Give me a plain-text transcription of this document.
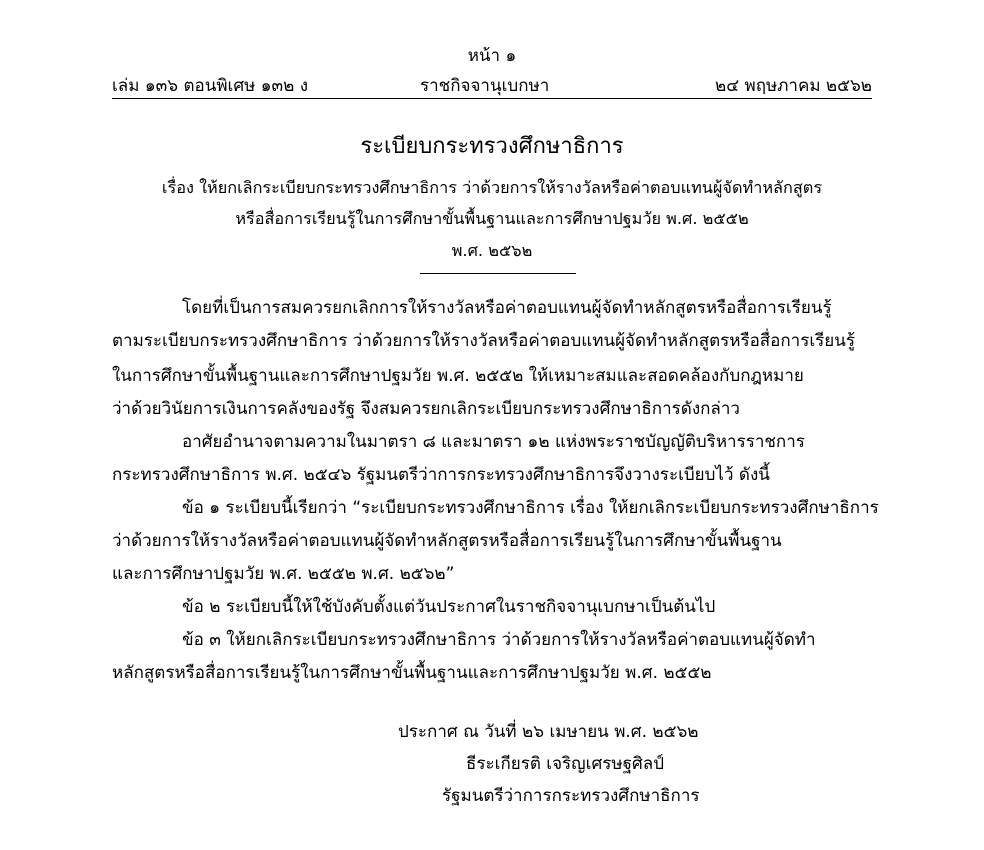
หน้า ๑
เล่ม ๑๓๖ ตอนพิเศษ ๑๓๒ ง	ราชกิจจานุเบกษา	๒๔ พฤษภาคม ๒๕๖๒
ระเบียบกระทรวงศึกษาธิการ
เรื่อง ให้ยกเลิกระเบียบกระทรวงศึกษาธิการ ว่าด้วยการให้รางวัลหรือค่าตอบแทนผู้จัดทำหลักสูตร
หรือสื่อการเรียนรู้ในการศึกษาขั้นพื้นฐานและการศึกษาปฐมวัย พ.ศ. ๒๕๕๒
พ.ศ. ๒๕๖๒
โดยที่เป็นการสมควรยกเลิกการให้รางวัลหรือค่าตอบแทนผู้จัดทำหลักสูตรหรือสื่อการเรียนรู้
ตามระเบียบกระทรวงศึกษาธิการ ว่าด้วยการให้รางวัลหรือค่าตอบแทนผู้จัดทำหลักสูตรหรือสื่อการเรียนรู้
ในการศึกษาขั้นพื้นฐานและการศึกษาปฐมวัย พ.ศ. ๒๕๕๒ ให้เหมาะสมและสอดคล้องกับกฎหมาย
ว่าด้วยวินัยการเงินการคลังของรัฐ จึงสมควรยกเลิกระเบียบกระทรวงศึกษาธิการดังกล่าว
อาศัยอำนาจตามความในมาตรา ๘ และมาตรา ๑๒ แห่งพระราชบัญญัติบริหารราชการ
กระทรวงศึกษาธิการ พ.ศ. ๒๕๔๖ รัฐมนตรีว่าการกระทรวงศึกษาธิการจึงวางระเบียบไว้ ดังนี้
ข้อ ๑ ระเบียบนี้เรียกว่า “ระเบียบกระทรวงศึกษาธิการ เรื่อง ให้ยกเลิกระเบียบกระทรวงศึกษาธิการ
ว่าด้วยการให้รางวัลหรือค่าตอบแทนผู้จัดทำหลักสูตรหรือสื่อการเรียนรู้ในการศึกษาขั้นพื้นฐาน
และการศึกษาปฐมวัย พ.ศ. ๒๕๕๒ พ.ศ. ๒๕๖๒”
ข้อ ๒ ระเบียบนี้ให้ใช้บังคับตั้งแต่วันประกาศในราชกิจจานุเบกษาเป็นต้นไป
ข้อ ๓ ให้ยกเลิกระเบียบกระทรวงศึกษาธิการ ว่าด้วยการให้รางวัลหรือค่าตอบแทนผู้จัดทำ
หลักสูตรหรือสื่อการเรียนรู้ในการศึกษาขั้นพื้นฐานและการศึกษาปฐมวัย พ.ศ. ๒๕๕๒
ประกาศ ณ วันที่ ๒๖ เมษายน พ.ศ. ๒๕๖๒
ธีระเกียรติ เจริญเศรษฐศิลป์
รัฐมนตรีว่าการกระทรวงศึกษาธิการ
